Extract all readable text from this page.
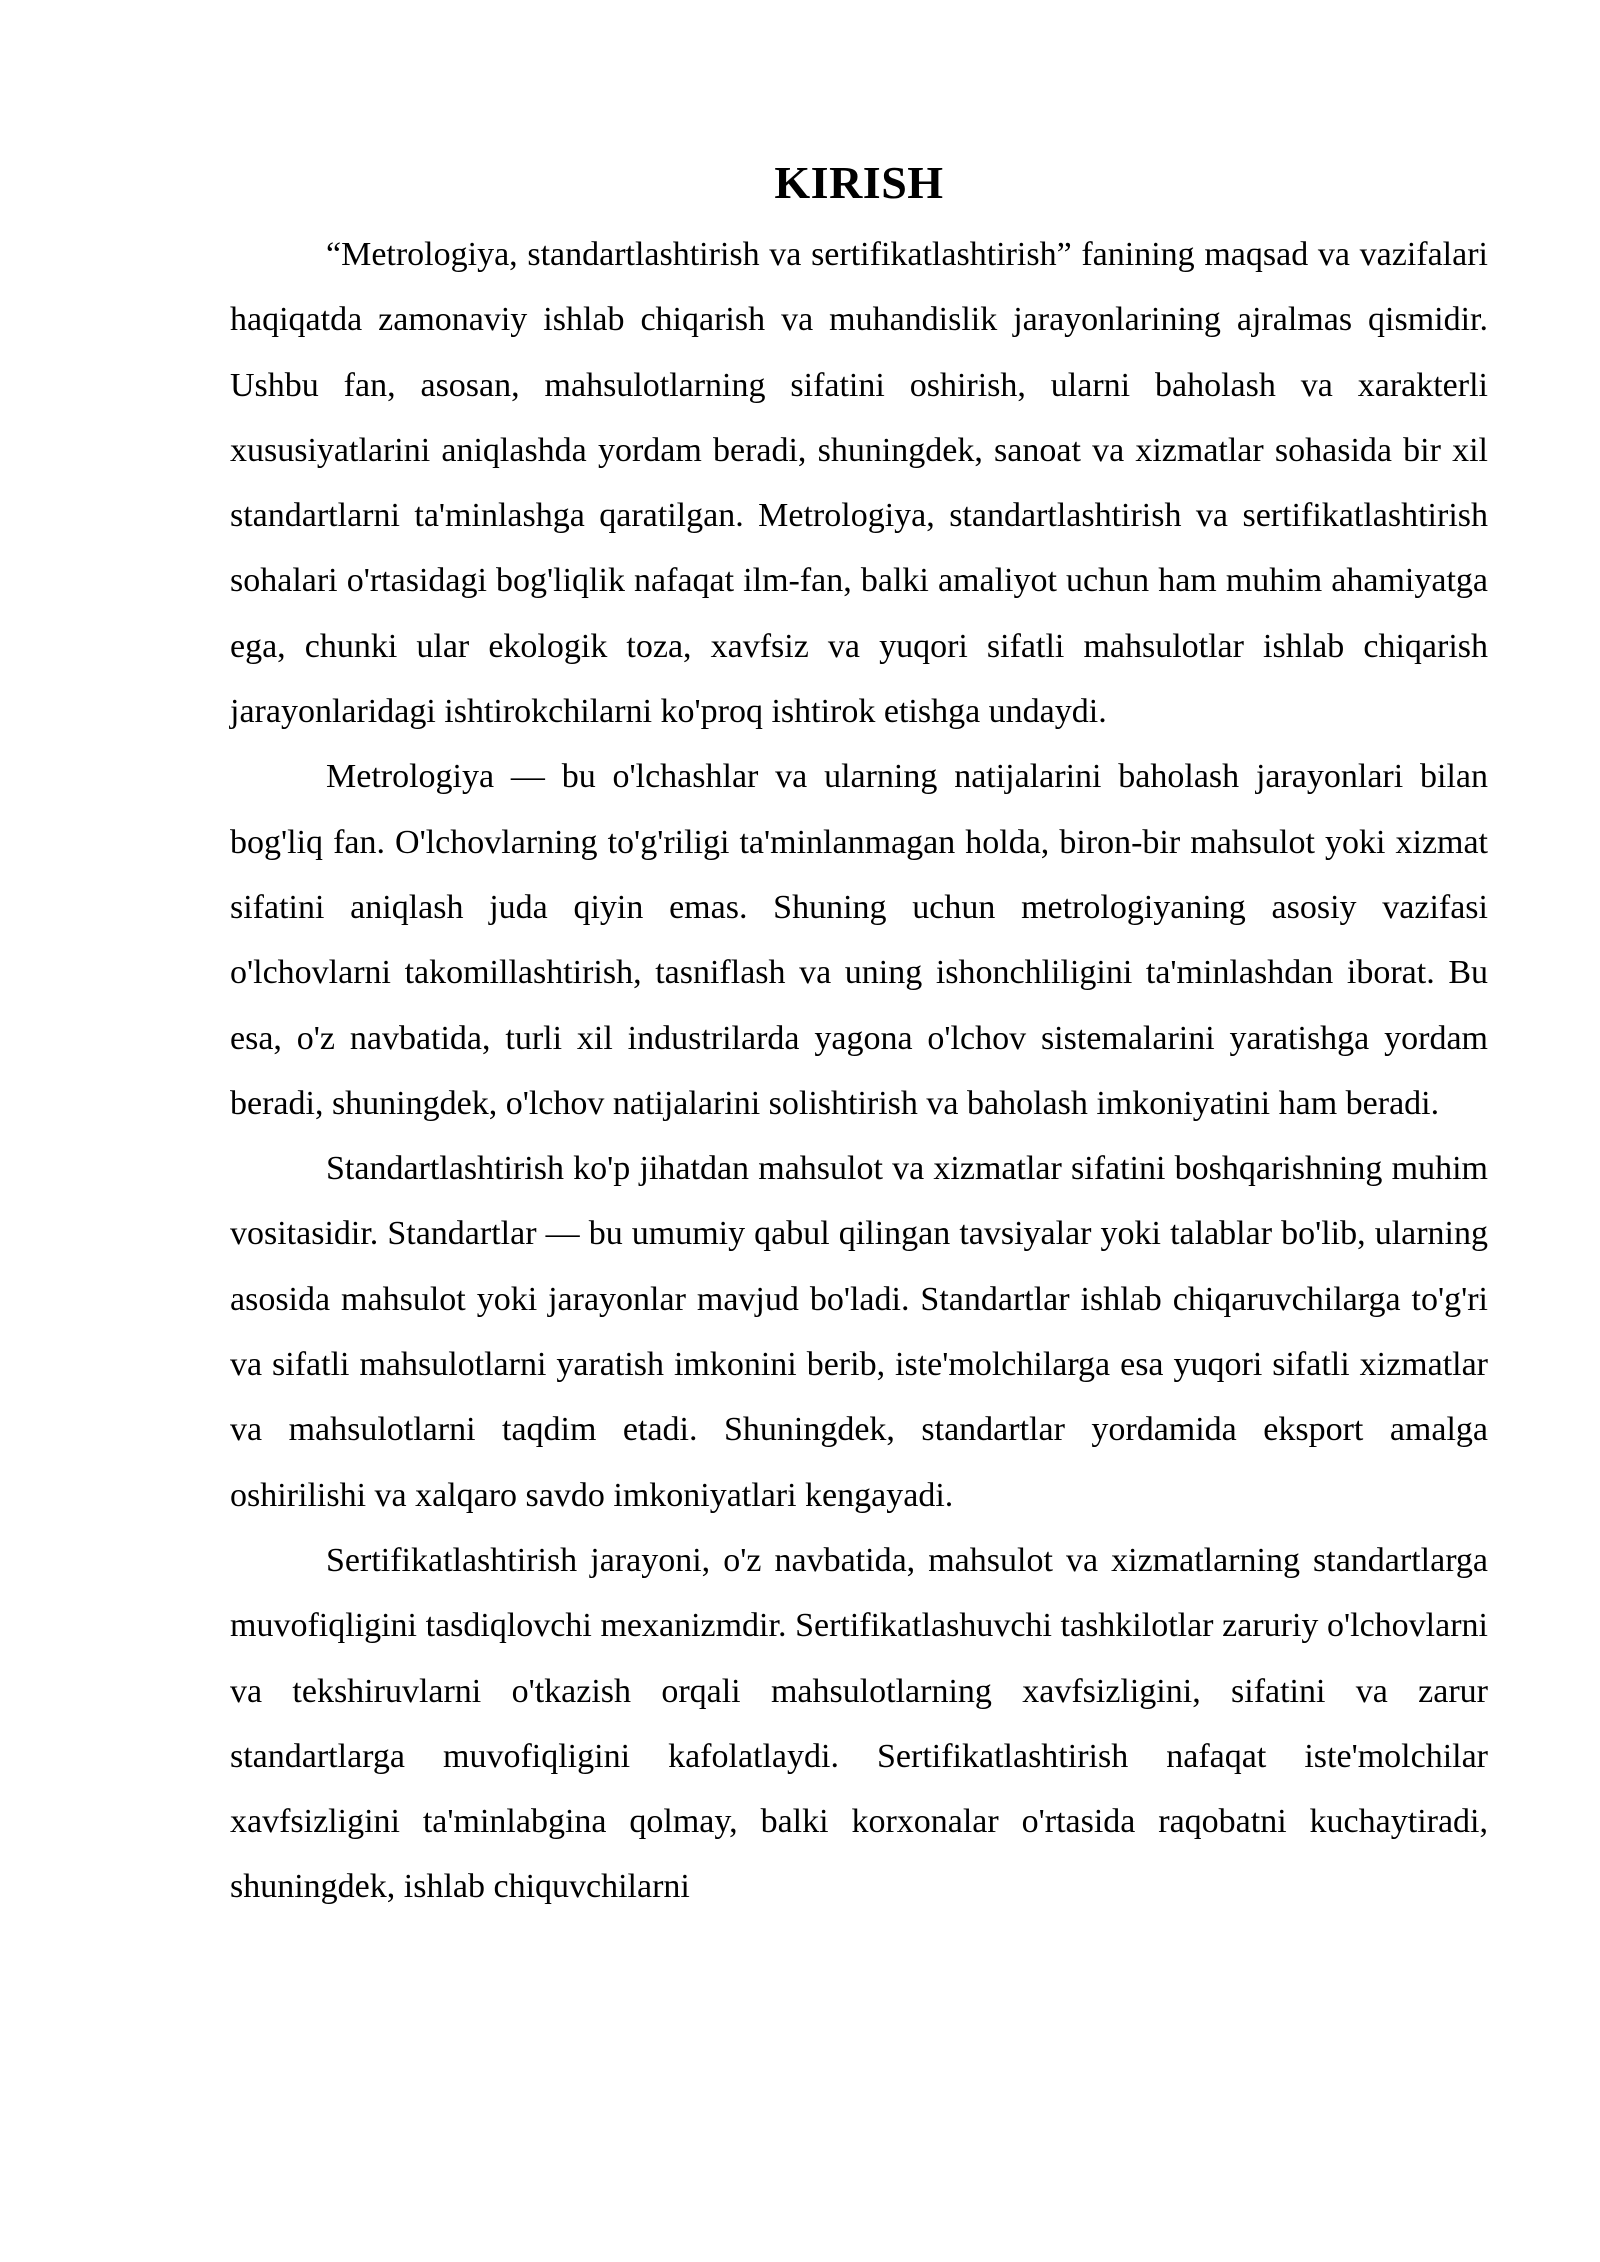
KIRISH

“Metrologiya, standartlashtirish va sertifikatlashtirish” fanining maqsad va vazifalari haqiqatda zamonaviy ishlab chiqarish va muhandislik jarayonlarining ajralmas qismidir. Ushbu fan, asosan, mahsulotlarning sifatini oshirish, ularni baholash va xarakterli xususiyatlarini aniqlashda yordam beradi, shuningdek, sanoat va xizmatlar sohasida bir xil standartlarni ta'minlashga qaratilgan. Metrologiya, standartlashtirish va sertifikatlashtirish sohalari o'rtasidagi bog'liqlik nafaqat ilm-fan, balki amaliyot uchun ham muhim ahamiyatga ega, chunki ular ekologik toza, xavfsiz va yuqori sifatli mahsulotlar ishlab chiqarish jarayonlaridagi ishtirokchilarni ko'proq ishtirok etishga undaydi.

Metrologiya — bu o'lchashlar va ularning natijalarini baholash jarayonlari bilan bog'liq fan. O'lchovlarning to'g'riligi ta'minlanmagan holda, biron-bir mahsulot yoki xizmat sifatini aniqlash juda qiyin emas. Shuning uchun metrologiyaning asosiy vazifasi o'lchovlarni takomillashtirish, tasniflash va uning ishonchliligini ta'minlashdan iborat. Bu esa, o'z navbatida, turli xil industrilarda yagona o'lchov sistemalarini yaratishga yordam beradi, shuningdek, o'lchov natijalarini solishtirish va baholash imkoniyatini ham beradi.

Standartlashtirish ko'p jihatdan mahsulot va xizmatlar sifatini boshqarishning muhim vositasidir. Standartlar — bu umumiy qabul qilingan tavsiyalar yoki talablar bo'lib, ularning asosida mahsulot yoki jarayonlar mavjud bo'ladi. Standartlar ishlab chiqaruvchilarga to'g'ri va sifatli mahsulotlarni yaratish imkonini berib, iste'molchilarga esa yuqori sifatli xizmatlar va mahsulotlarni taqdim etadi. Shuningdek, standartlar yordamida eksport amalga oshirilishi va xalqaro savdo imkoniyatlari kengayadi.

Sertifikatlashtirish jarayoni, o'z navbatida, mahsulot va xizmatlarning standartlarga muvofiqligini tasdiqlovchi mexanizmdir. Sertifikatlashuvchi tashkilotlar zaruriy o'lchovlarni va tekshiruvlarni o'tkazish orqali mahsulotlarning xavfsizligini, sifatini va zarur standartlarga muvofiqligini kafolatlaydi. Sertifikatlashtirish nafaqat iste'molchilar xavfsizligini ta'minlabgina qolmay, balki korxonalar o'rtasida raqobatni kuchaytiradi, shuningdek, ishlab chiquvchilarni
